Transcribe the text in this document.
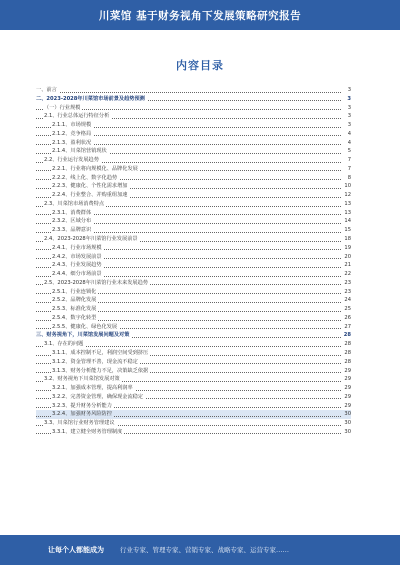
川菜馆 基于财务视角下发展策略研究报告
内容目录
一、前言	3
二、2023-2028年川菜馆市场前景及趋势预测	3
（一）行业规模	3
2.1、行业总体运行特征分析	3
2.1.1、市场规模	3
2.1.2、竞争格局	4
2.1.3、盈利状况	4
2.1.4、川菜馆营销现状	5
2.2、行业运行发展趋势	7
2.2.1、行业将向规模化、品牌化发展	7
2.2.2、线上化、数字化趋势	8
2.2.3、健康化、个性化需求增加	10
2.2.4、行业整合、并购重组加速	12
2.3、川菜馆市场消费特点	13
2.3.1、消费群体	13
2.3.2、区域分布	14
2.3.3、品牌意识	15
2.4、2023-2028年川菜馆行业发展前景	18
2.4.1、行业市场规模	19
2.4.2、市场发展前景	20
2.4.3、行业发展趋势	21
2.4.4、细分市场前景	22
2.5、2023-2028年川菜馆行业未来发展趋势	23
2.5.1、行业连锁化	23
2.5.2、品牌化发展	24
2.5.3、标准化发展	25
2.5.4、数字化转型	26
2.5.5、健康化、绿色化发展	27
三、财务视角下，川菜馆发展问题及对策	28
3.1、存在的问题	28
3.1.1、成本控制不足，利润空间受到挤压	28
3.1.2、资金管理不善，现金流不稳定	28
3.1.3、财务分析能力不足，决策缺乏依据	29
3.2、财务视角下川菜馆发展对策	29
3.2.1、加强成本管理，提高利润率	29
3.2.2、完善资金管理，确保现金流稳定	29
3.2.3、提升财务分析能力	29
3.2.4、加强财务风险防控	30
3.3、川菜馆行业财务管理建议	30
3.3.1、建立健全财务管理制度	30
让每个人都能成为 行业专家、管理专家、营销专家、战略专家、运营专家……
